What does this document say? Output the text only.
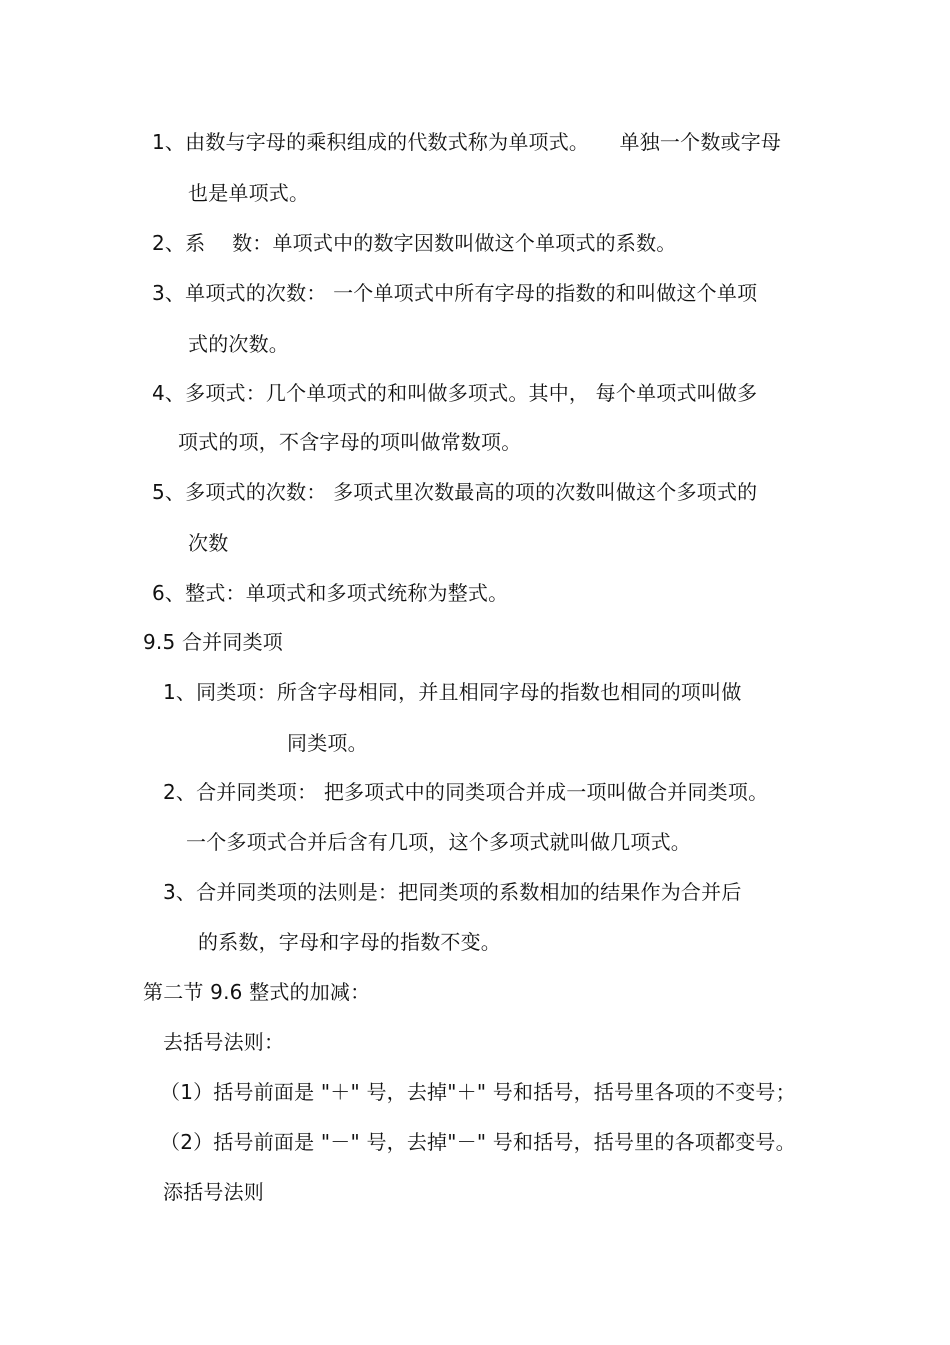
1、由数与字母的乘积组成的代数式称为单项式。　　单独一个数或字母
也是单项式。
2、系　 数：单项式中的数字因数叫做这个单项式的系数。
3、单项式的次数： 一个单项式中所有字母的指数的和叫做这个单项
式的次数。
4、多项式：几个单项式的和叫做多项式。其中， 每个单项式叫做多
项式的项，不含字母的项叫做常数项。
5、多项式的次数： 多项式里次数最高的项的次数叫做这个多项式的
次数
6、整式：单项式和多项式统称为整式。
9.5 合并同类项
1、同类项：所含字母相同，并且相同字母的指数也相同的项叫做
同类项。
2、合并同类项： 把多项式中的同类项合并成一项叫做合并同类项。
一个多项式合并后含有几项，这个多项式就叫做几项式。
3、合并同类项的法则是：把同类项的系数相加的结果作为合并后
的系数，字母和字母的指数不变。
第二节 9.6 整式的加减：
去括号法则：
（1）括号前面是 "＋" 号，去掉"＋" 号和括号，括号里各项的不变号；
（2）括号前面是 "－" 号，去掉"－" 号和括号，括号里的各项都变号。
添括号法则
